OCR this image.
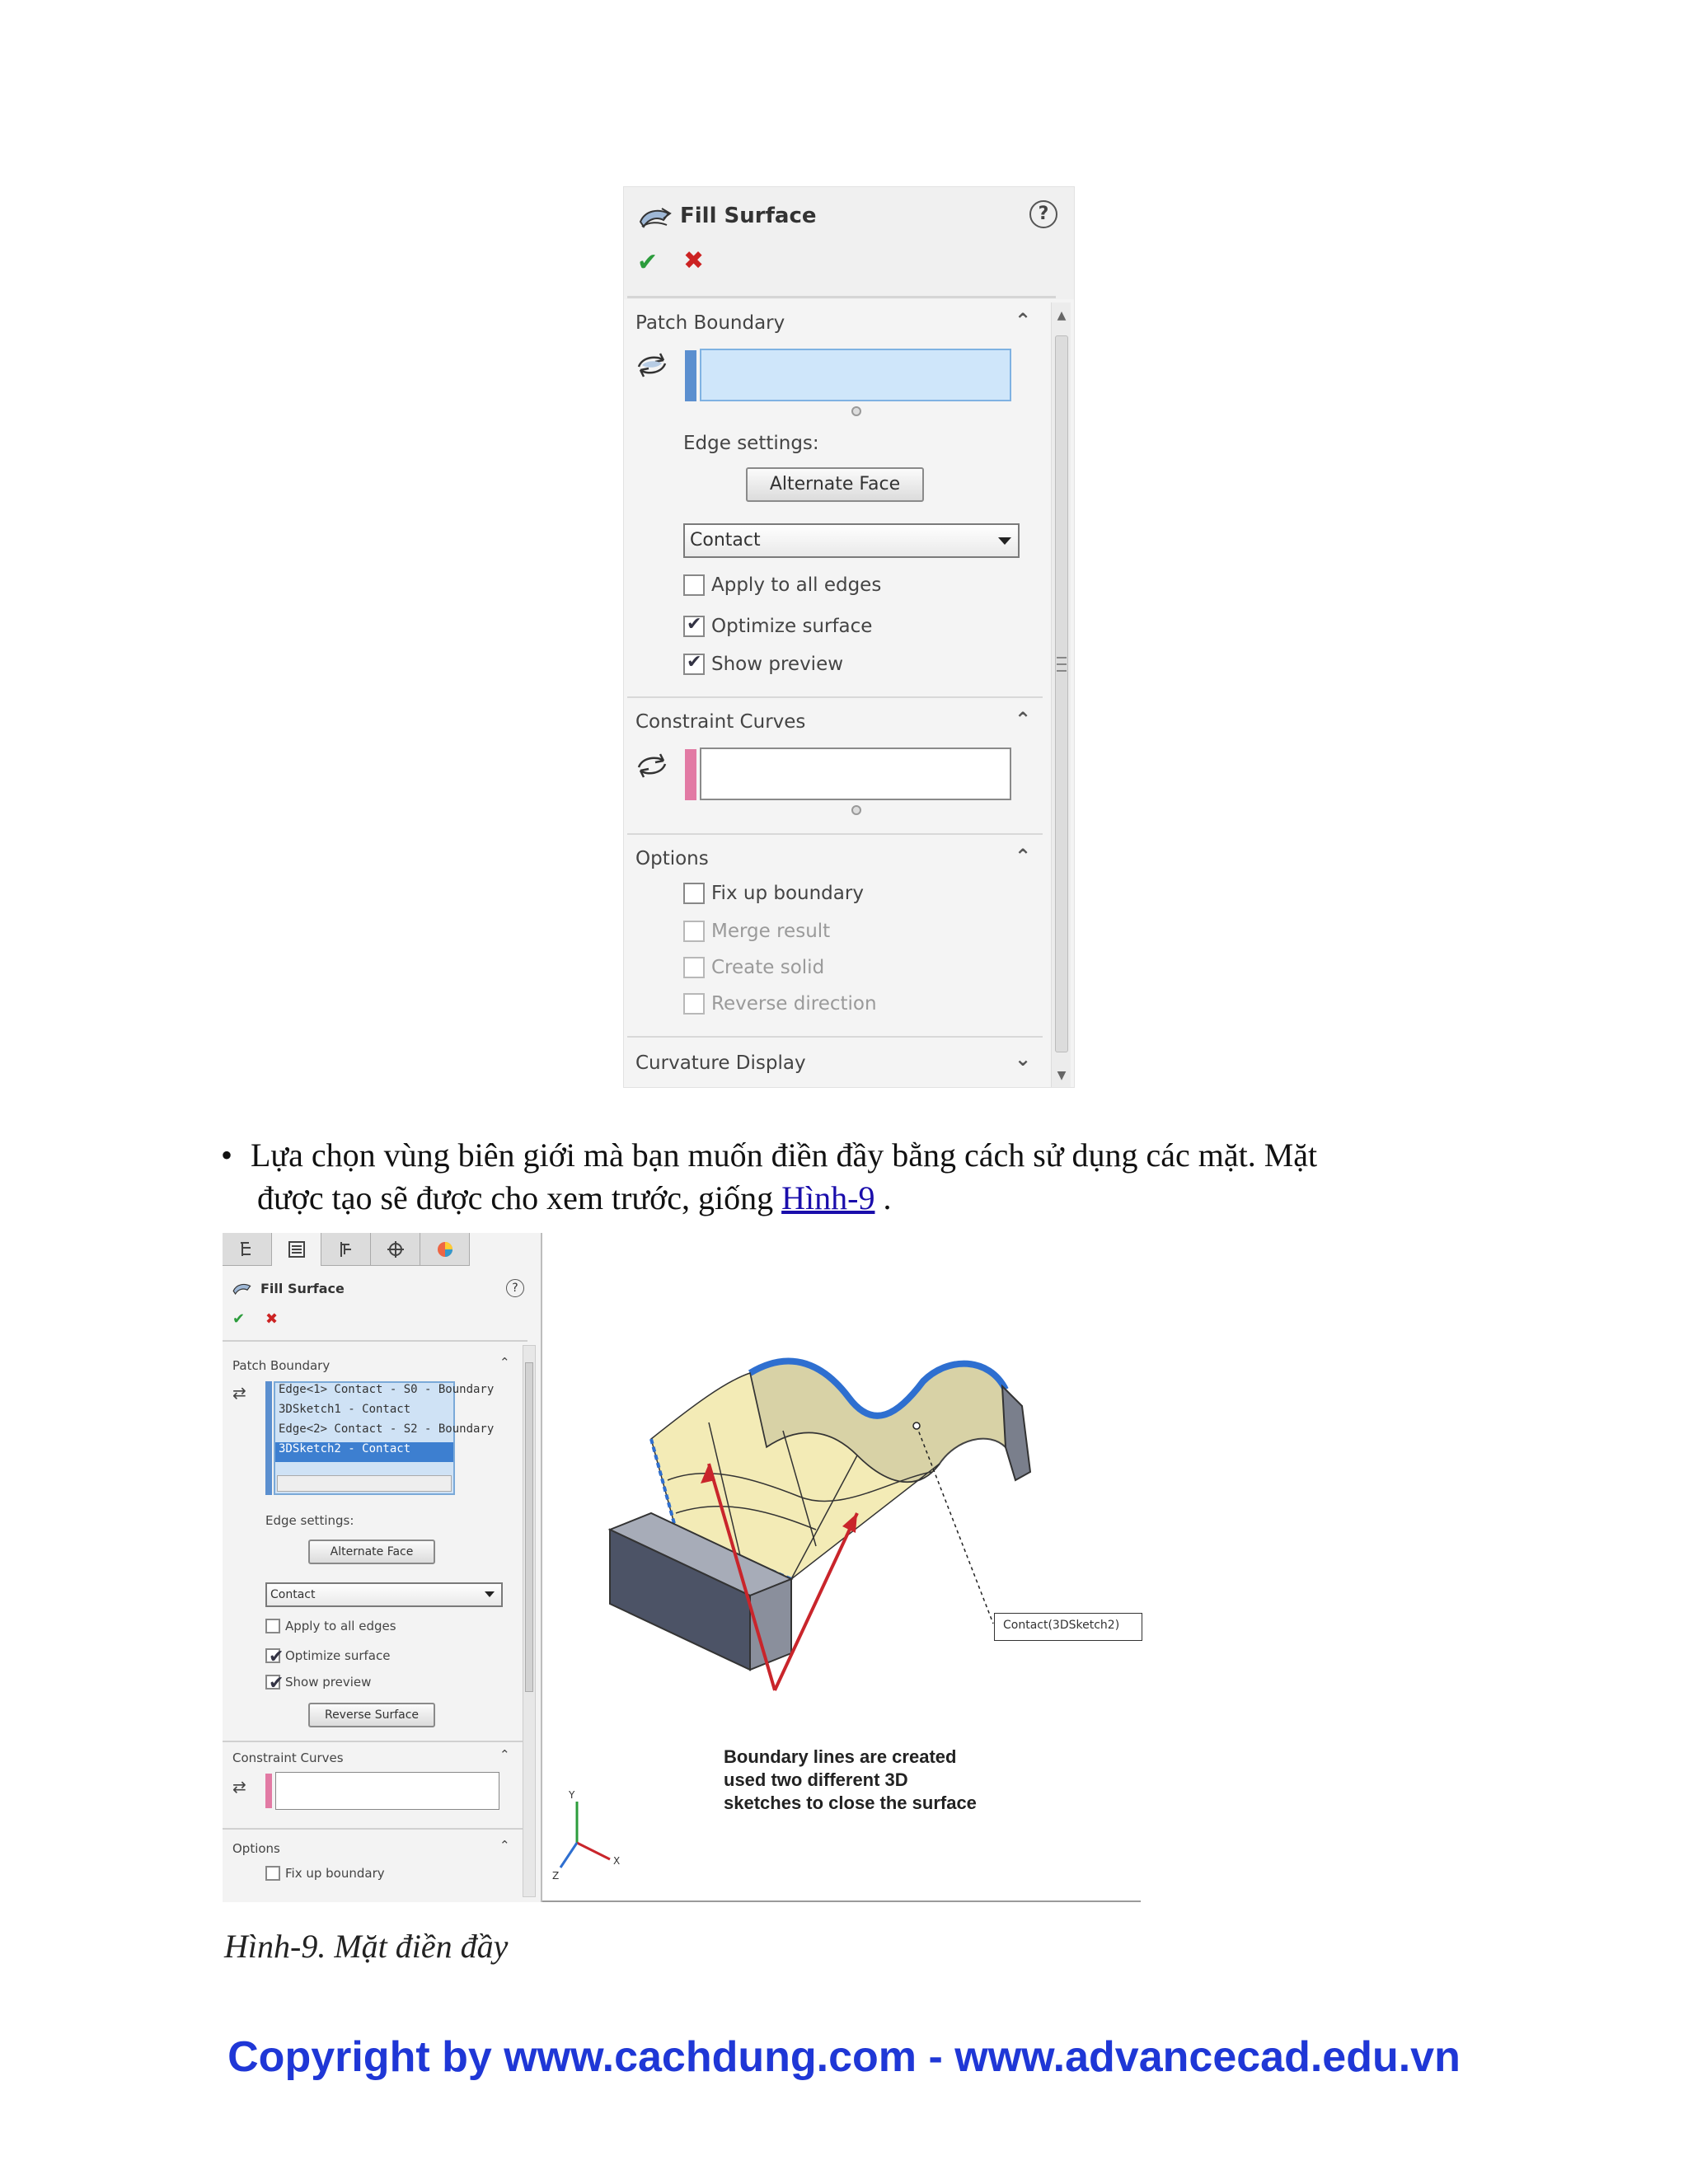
Fill Surface	?
✔ ✖
Patch Boundary	⌃
Edge settings:
Alternate Face
Contact
Apply to all edges
✔
Optimize surface
✔
Show preview
Constraint Curves	⌃
Options	⌃
Fix up boundary
Merge result
Create solid
Reverse direction
Curvature Display	⌄
▲
▼
• Lựa chọn vùng biên giới mà bạn muốn điền đầy bằng cách sử dụng các mặt. Mặt
được tạo sẽ được cho xem trước, giống Hình-9 .
Fill Surface	?
✔ ✖
Patch Boundary	⌃
⇄	Edge<1> Contact - S0 - Boundary
3DSketch1 - Contact
Edge<2> Contact - S2 - Boundary
3DSketch2 - Contact
Edge settings:
Alternate Face
Contact
Apply to all edges
✔
Optimize surface
✔
Show preview
Reverse Surface
Constraint Curves	⌃
⇄
Options	⌃
Fix up boundary
Y
X
Z
Contact(3DSketch2)
Boundary lines are created
used two different 3D
sketches to close the surface
Hình-9. Mặt điền đầy
Copyright by www.cachdung.com - www.advancecad.edu.vn
